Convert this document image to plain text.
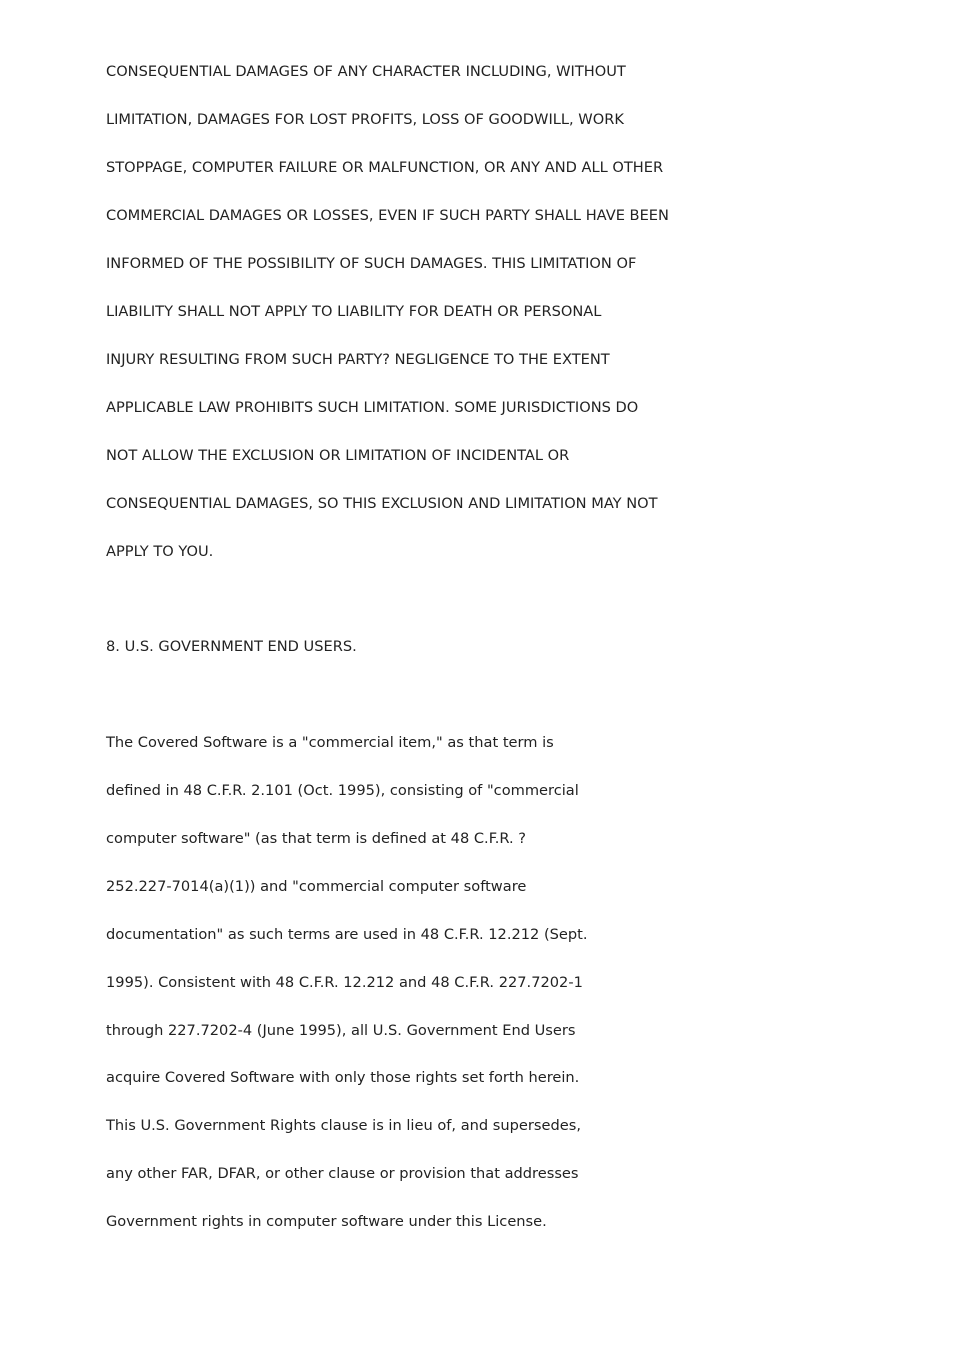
CONSEQUENTIAL DAMAGES OF ANY CHARACTER INCLUDING, WITHOUT

LIMITATION, DAMAGES FOR LOST PROFITS, LOSS OF GOODWILL, WORK

STOPPAGE, COMPUTER FAILURE OR MALFUNCTION, OR ANY AND ALL OTHER

COMMERCIAL DAMAGES OR LOSSES, EVEN IF SUCH PARTY SHALL HAVE BEEN

INFORMED OF THE POSSIBILITY OF SUCH DAMAGES. THIS LIMITATION OF

LIABILITY SHALL NOT APPLY TO LIABILITY FOR DEATH OR PERSONAL

INJURY RESULTING FROM SUCH PARTY? NEGLIGENCE TO THE EXTENT

APPLICABLE LAW PROHIBITS SUCH LIMITATION. SOME JURISDICTIONS DO

NOT ALLOW THE EXCLUSION OR LIMITATION OF INCIDENTAL OR

CONSEQUENTIAL DAMAGES, SO THIS EXCLUSION AND LIMITATION MAY NOT

APPLY TO YOU.

8. U.S. GOVERNMENT END USERS.

The Covered Software is a "commercial item," as that term is

defined in 48 C.F.R. 2.101 (Oct. 1995), consisting of "commercial

computer software" (as that term is defined at 48 C.F.R. ?

252.227-7014(a)(1)) and "commercial computer software

documentation" as such terms are used in 48 C.F.R. 12.212 (Sept.

1995). Consistent with 48 C.F.R. 12.212 and 48 C.F.R. 227.7202-1

through 227.7202-4 (June 1995), all U.S. Government End Users

acquire Covered Software with only those rights set forth herein.

This U.S. Government Rights clause is in lieu of, and supersedes,

any other FAR, DFAR, or other clause or provision that addresses

Government rights in computer software under this License.
